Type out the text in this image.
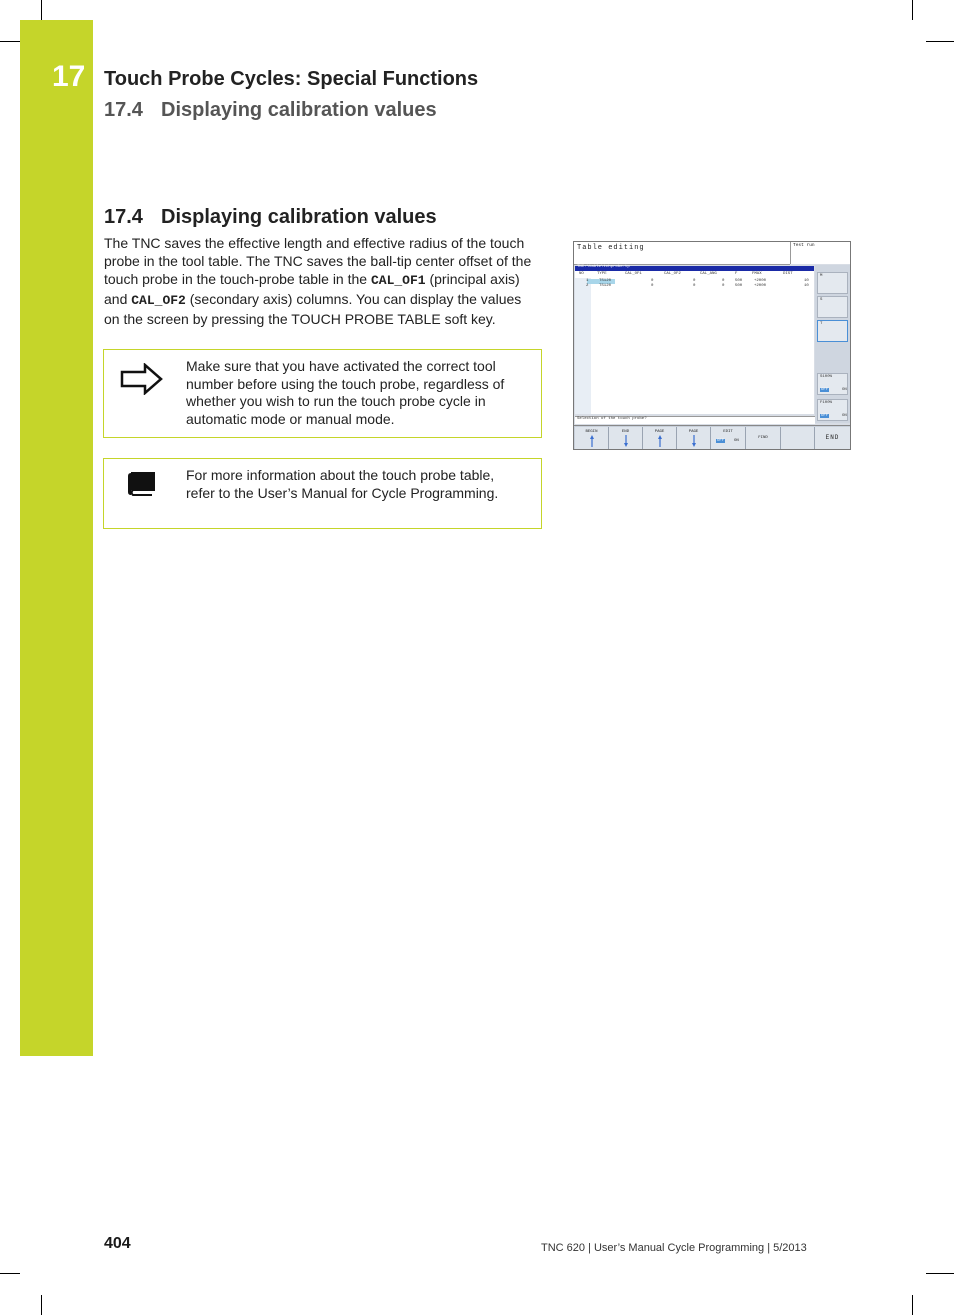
17 Touch Probe Cycles: Special Functions
17.4 Displaying calibration values
17.4 Displaying calibration values
The TNC saves the effective length and effective radius of the touch probe in the tool table. The TNC saves the ball-tip center offset of the touch probe in the touch-probe table in the CAL_OF1 (principal axis) and CAL_OF2 (secondary axis) columns. You can display the values on the screen by pressing the TOUCH PROBE TABLE soft key.
Make sure that you have activated the correct tool number before using the touch probe, regardless of whether you wish to run the touch probe cycle in automatic mode or manual mode.
For more information about the touch probe table, refer to the User’s Manual for Cycle Programming.
Table editing	Test run
TNC:\table\tchprobe.tp
NO	TYPE	CAL_OF1	CAL_OF2	CAL_ANG	F	FMAX	DIST
1	TS120	0	0	0	500	+2000	10
2	TS120	0	0	0	500	+2000	10
Selection of the touch probe?
M
S
T
S100%
OFF	ON
F100%
OFF	ON
BEGIN	END	PAGE	PAGE	EDIT
OFF ON
FIND	END
404	TNC 620 | User’s Manual Cycle Programming | 5/2013
